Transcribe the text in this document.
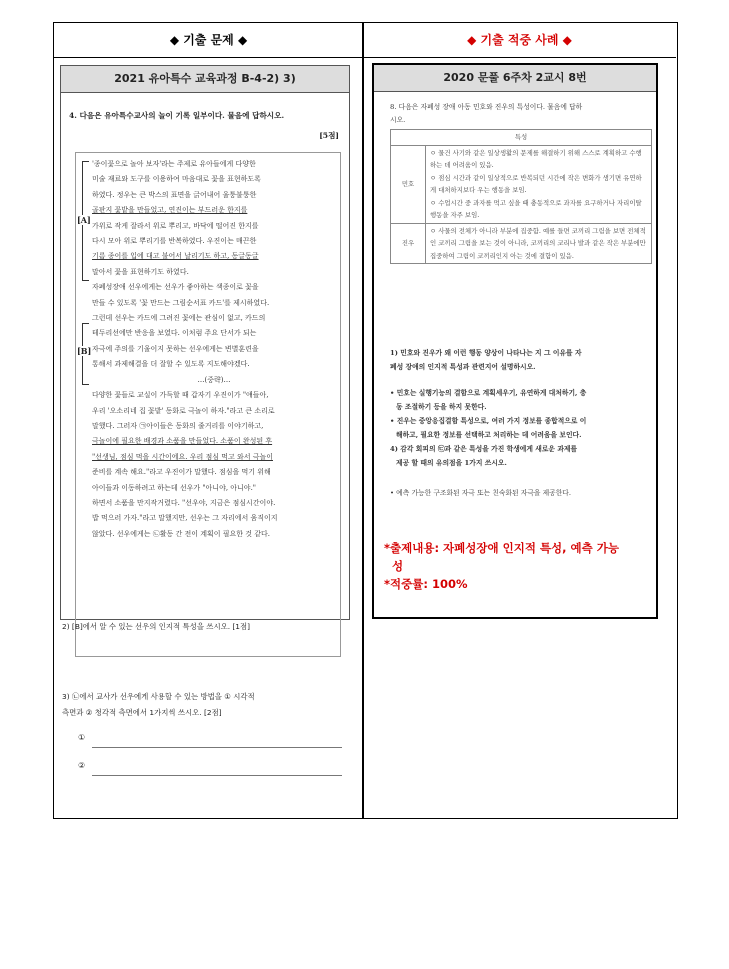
◆ 기출 문제 ◆	◆ 기출 적중 사례 ◆
2021 유아특수 교육과정 B-4-2) 3)
4. 다음은 유아특수교사의 놀이 기록 일부이다. 물음에 답하시오.
[5점]
[A]
[B]
'종이꽃으로 놀아 보자'라는 주제로 유아들에게 다양한
미술 재료와 도구를 이용하여 마음대로 꽃을 표현하도록
하였다. 정우는 큰 박스의 표면을 긁어내어 울퉁불퉁한
골판지 꽃밭을 만들었고, 연진이는 부드러운 한지를
가위로 작게 잘라서 위로 뿌리고, 바닥에 떨어진 한지를
다시 모아 위로 뿌리기를 반복하였다. 우진이는 매끈한
기름 종이를 입에 대고 불어서 날리기도 하고, 동글동글
말아서 꽃을 표현하기도 하였다.
자폐성장애 선우에게는 선우가 좋아하는 색종이로 꽃을
만들 수 있도록 '꽃 만드는 그림순서표 카드'를 제시하였다.
그런데 선우는 카드에 그려진 꽃에는 관심이 없고, 카드의
테두리선에만 반응을 보였다. 이처럼 주요 단서가 되는
자극에 주의를 기울이지 못하는 선우에게는 변별훈련을
통해서 과제해결을 더 잘할 수 있도록 지도해야겠다.
…(중략)…
다양한 꽃들로 교실이 가득할 때 갑자기 우진이가 "얘들아,
우리 '오소리네 집 꽃밭' 동화로 극놀이 하자."라고 큰 소리로
말했다. 그러자 ㉠아이들은 동화의 줄거리를 이야기하고,
극놀이에 필요한 배경과 소품을 만들었다. 소품이 완성된 후
"선생님, 점심 먹을 시간이에요. 우리 점심 먹고 와서 극놀이
준비를 계속 해요."라고 우진이가 말했다. 점심을 먹기 위해
아이들과 이동하려고 하는데 선우가 "아니야, 아니야."
하면서 소품을 만지작거렸다. "선우야, 지금은 점심시간이야.
밥 먹으러 가자."라고 말했지만, 선우는 그 자리에서 움직이지
않았다. 선우에게는 ㉡활동 간 전이 계획이 필요한 것 같다.
2) [B]에서 알 수 있는 선우의 인지적 특성을 쓰시오. [1점]
3) ㉡에서 교사가 선우에게 사용할 수 있는 방법을 ① 시각적
측면과 ② 청각적 측면에서 1가지씩 쓰시오. [2점]
①
②
2020 문풀 6주차 2교시 8번
8. 다음은 자폐성 장애 아동 민호와 진우의 특성이다. 물음에 답하
시오.
특성	
민호	ㅇ 물건 사기와 같은 일상생활의 문제를 해결하기 위해 스스로 계획하고 수행하는 데 어려움이 있음.
ㅇ 점심 시간과 같이 일상적으로 반복되던 시간에 작은 변화가 생기면 유연하게 대처하지보다 우는 행동을 보임.
ㅇ 수업시간 중 과자를 먹고 싶을 때 충동적으로 과자를 요구하거나 자리이탈 행동을 자주 보임.

진우	ㅇ 사물의 전체가 아니라 부분에 집중함. 예를 들면 코끼리 그림을 보면 전체적인 코끼리 그림을 보는 것이 아니라, 코끼리의 코리나 발과 같은 작은 부분에만 집중하여 그림이 코끼리인지 아는 것에 결함이 있음.
1) 민호와 진우가 왜 이런 행동 양상이 나타나는 지 그 이유를 자
폐성 장애의 인지적 특성과 관련지어 설명하시오.
• 민호는 실행기능의 결함으로 계획세우기, 유연하게 대처하기, 충
동 조절하기 등을 하지 못한다.
• 진우는 중앙응집결함 특성으로, 여러 가지 정보를 종합적으로 이
해하고, 필요한 정보를 선택하고 처리하는 데 어려움을 보인다.
4) 감각 회피의 ㉢과 같은 특성을 가진 학생에게 새로운 과제를
제공 할 때의 유의점을 1가지 쓰시오.
• 예측 가능한 구조화된 자극 또는 친숙화된 자극을 제공한다.
*출제내용: 자폐성장애 인지적 특성, 예측 가능
성
*적중률: 100%
